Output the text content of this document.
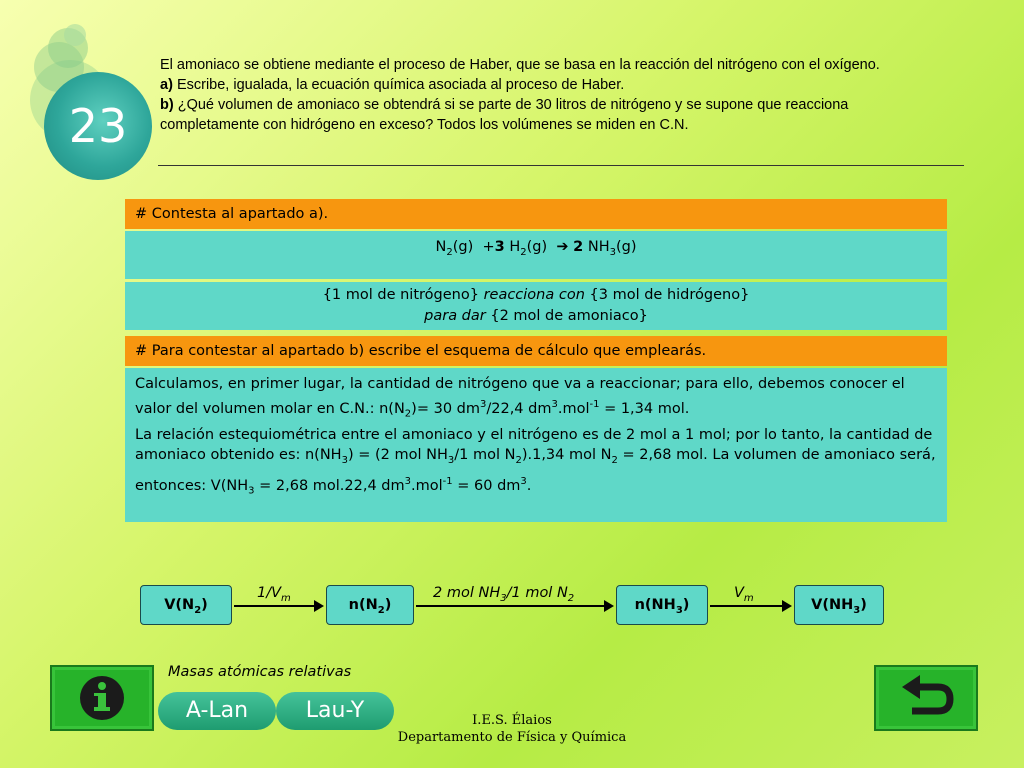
23
El amoniaco se obtiene mediante el proceso de Haber, que se basa en la reacción del nitrógeno con el oxígeno.
a) Escribe, igualada, la ecuación química asociada al proceso de Haber.
b) ¿Qué volumen de amoniaco se obtendrá si se parte de 30 litros de nitrógeno y se supone que reacciona completamente con hidrógeno en exceso? Todos los volúmenes se miden en C.N.
# Contesta al apartado a).
$N_2(g) +3$ $H_2(g)$ ➔ 2 $NH_3(g)$
{1 mol de nitrógeno} reacciona con {3 mol de hidrógeno}
para dar {2 mol de amoniaco}
# Para contestar al apartado b) escribe el esquema de cálculo que emplearás.
Calculamos, en primer lugar, la cantidad de nitrógeno que va a reaccionar; para ello, debemos conocer el valor del volumen molar en C.N.: $n(N_2)= 30$ $dm^3/22,4$ $dm^3.mol^{-1} = 1,34$ mol.
La relación estequiométrica entre el amoniaco y el nitrógeno es de 2 mol a 1 mol; por lo tanto, la cantidad de amoniaco obtenido es: $n(NH_3) = (2$ mol $NH_3/1$ mol $N_2).1,34$ mol $N_2 = 2,68$ mol. La volumen de amoniaco será, entonces: $V(NH_3 = 2,68$ mol.22,4 $dm^3.mol^{-1} = 60$ $dm^3$.
$V(N_2)$	$n(N_2)$	$n(NH_3)$	$V(NH_3)$
$1/V_m$	2 mol $NH_3/1$ mol $N_2$	$V_m$
Masas atómicas relativas
A-Lan	Lau-Y	I.E.S. Élaios
Departamento de Física y Química
